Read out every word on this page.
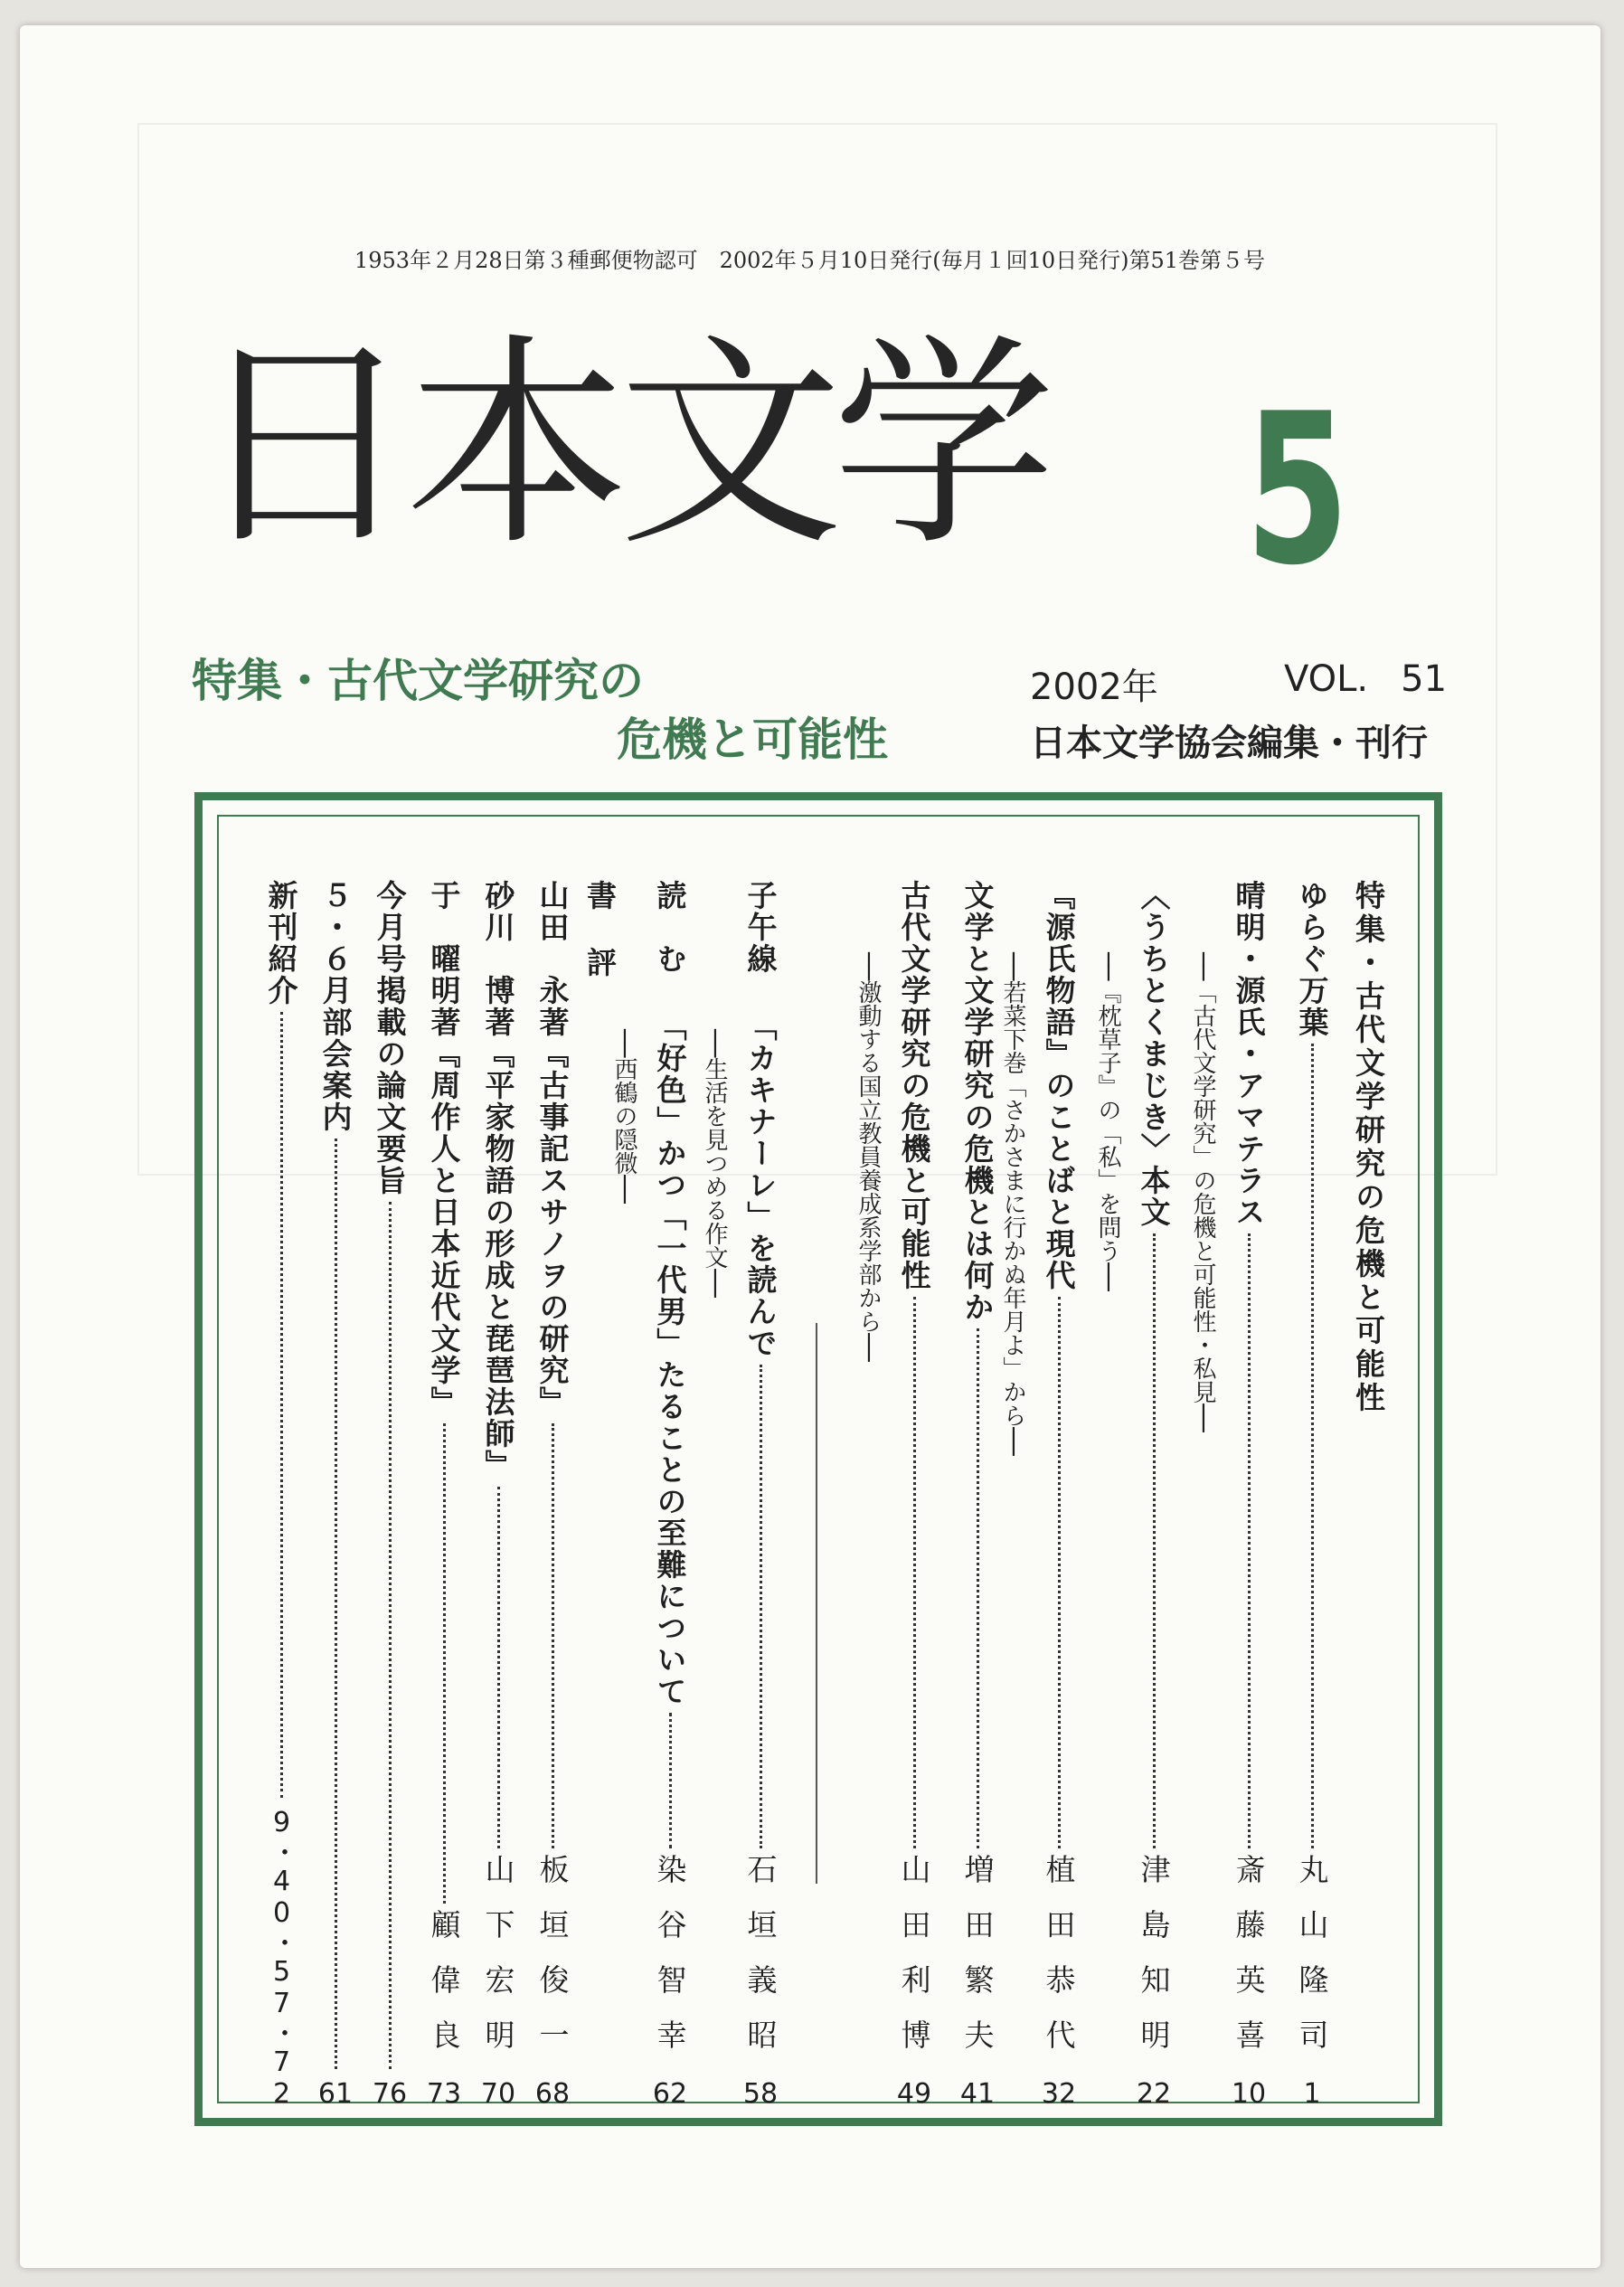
1953年２月28日第３種郵便物認可　2002年５月10日発行(毎月１回10日発行)第51巻第５号
日本文学 5
特集・古代文学研究の
危機と可能性
2002年	VOL. 51
日本文学協会編集・刊行
特集・古代文学研究の危機と可能性
ゆらぐ万葉
丸山隆司
1
晴明・源氏・アマテラス
斎藤英喜
10
──「古代文学研究」の危機と可能性・私見──
〈うちとくまじき〉本文
津島知明
22
──『枕草子』の「私」を問う──
『源氏物語』のことばと現代
植田恭代
32
──若菜下巻「さかさまに行かぬ年月よ」から──
文学と文学研究の危機とは何か
増田繁夫
41
古代文学研究の危機と可能性
山田利博
49
──激動する国立教員養成系学部から──
子午線「カキナーレ」を読んで
石垣義昭
58
──生活を見つめる作文──
読　む「好色」かつ「一代男」たることの至難について
染谷智幸
62
──西鶴の隠微──
書　評
山田　永著『古事記スサノヲの研究』
板垣俊一
68
砂川　博著『平家物語の形成と琵琶法師』
山下宏明
70
于　曜明著『周作人と日本近代文学』
顧偉良
73
今月号掲載の論文要旨
76
５・６月部会案内
61
新刊紹介
9・40・57・72
